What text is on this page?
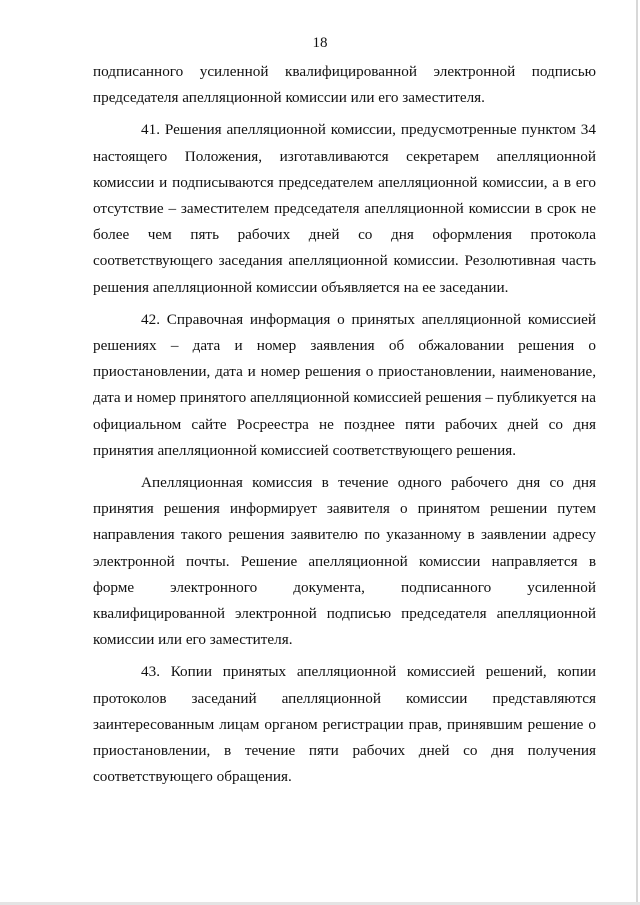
18

подписанного усиленной квалифицированной электронной подписью председателя апелляционной комиссии или его заместителя.

41. Решения апелляционной комиссии, предусмотренные пунктом 34 настоящего Положения, изготавливаются секретарем апелляционной комиссии и подписываются председателем апелляционной комиссии, а в его отсутствие – заместителем председателя апелляционной комиссии в срок не более чем пять рабочих дней со дня оформления протокола соответствующего заседания апелляционной комиссии. Резолютивная часть решения апелляционной комиссии объявляется на ее заседании.

42. Справочная информация о принятых апелляционной комиссией решениях – дата и номер заявления об обжаловании решения о приостановлении, дата и номер решения о приостановлении, наименование, дата и номер принятого апелляционной комиссией решения – публикуется на официальном сайте Росреестра не позднее пяти рабочих дней со дня принятия апелляционной комиссией соответствующего решения.

Апелляционная комиссия в течение одного рабочего дня со дня принятия решения информирует заявителя о принятом решении путем направления такого решения заявителю по указанному в заявлении адресу электронной почты. Решение апелляционной комиссии направляется в форме электронного документа, подписанного усиленной квалифицированной электронной подписью председателя апелляционной комиссии или его заместителя.

43. Копии принятых апелляционной комиссией решений, копии протоколов заседаний апелляционной комиссии представляются заинтересованным лицам органом регистрации прав, принявшим решение о приостановлении, в течение пяти рабочих дней со дня получения соответствующего обращения.
